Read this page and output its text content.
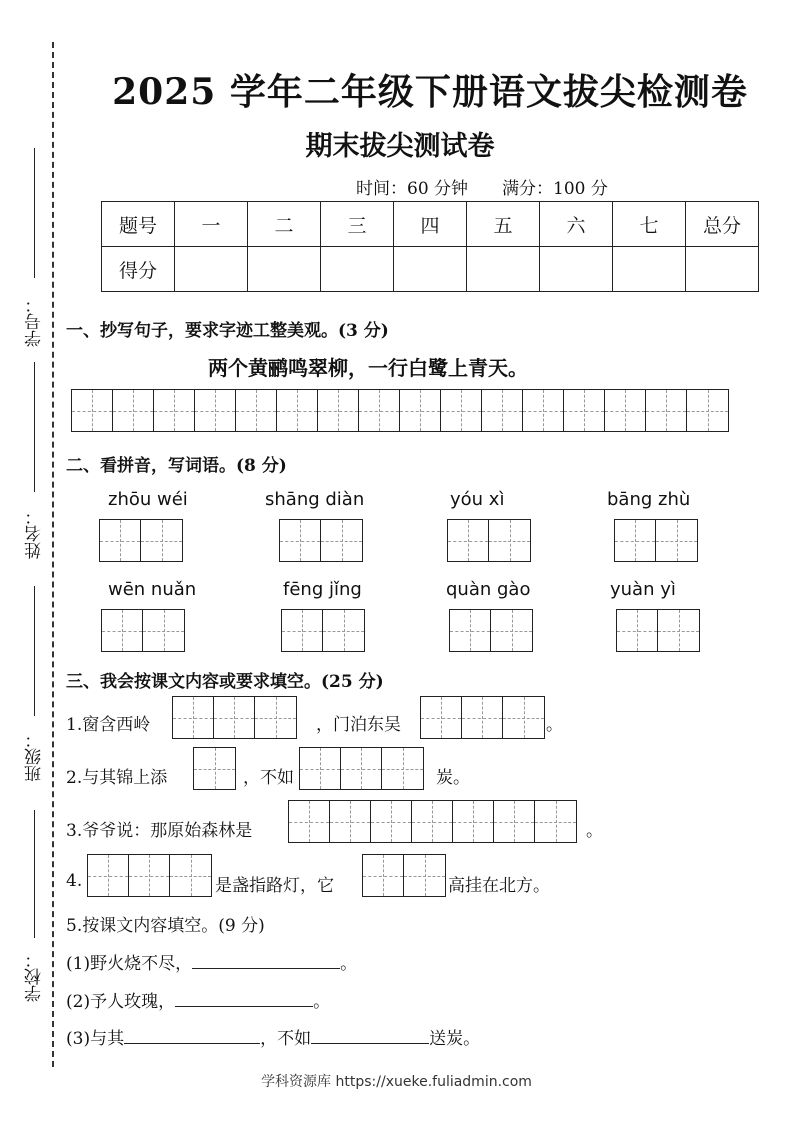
学号：
姓名：
班级：
学校：
2025 学年二年级下册语文拔尖检测卷
期末拔尖测试卷
时间：60 分钟 满分：100 分
题号	一	二	三	四	五	六	七	总分
得分								
一、抄写句子，要求字迹工整美观。(3 分)
两个黄鹂鸣翠柳，一行白鹭上青天。
二、看拼音，写词语。(8 分)
zhōu wéi	shāng diàn	yóu xì	bāng zhù
wēn nuǎn	fēng jǐng	quàn gào	yuàn yì
三、我会按课文内容或要求填空。(25 分)
1.窗含西岭	，门泊东吴	。
2.与其锦上添	，不如	炭。
3.爷爷说：那原始森林是	。
4.	是盏指路灯，它	高挂在北方。
5.按课文内容填空。(9 分)
(1)野火烧不尽，	。
(2)予人玫瑰，	。
(3)与其	，不如	送炭。
学科资源库 https://xueke.fuliadmin.com
